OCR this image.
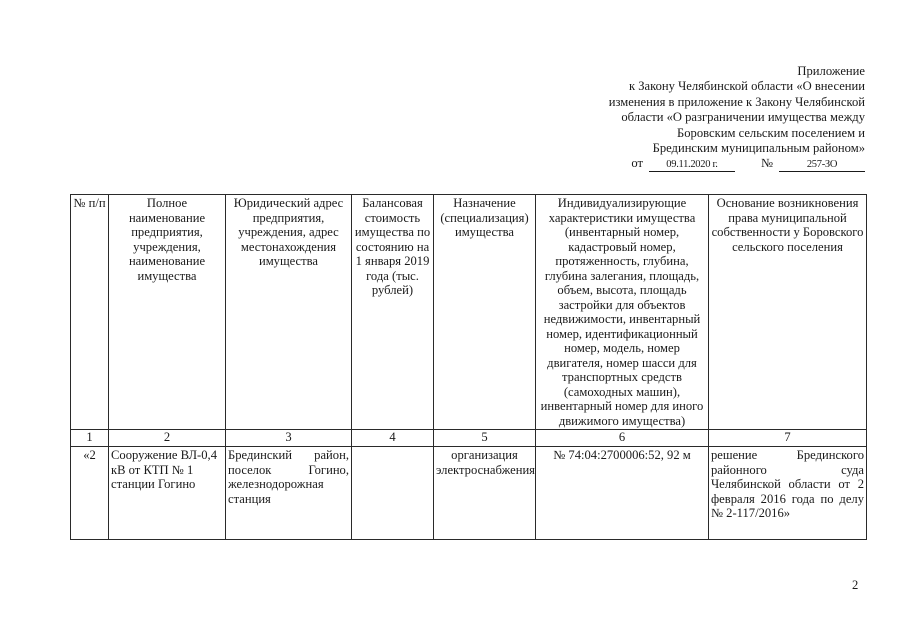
Приложение
к Закону Челябинской области «О внесении
изменения в приложение к Закону Челябинской
области «О разграничении имущества между
Боровским сельским поселением и
Брединским муниципальным районом»
от	09.11.2020 г.	№	257-ЗО
№ п/п	Полное наименование предприятия, учреждения, наименование имущества	Юридический адрес предприятия, учреждения, адрес местонахождения имущества	Балансовая стоимость имущества по состоянию на 1 января 2019 года (тыс. рублей)	Назначение (специализация) имущества	Индивидуализирующие характеристики имущества (инвентарный номер, кадастровый номер, протяженность, глубина, глубина залегания, площадь, объем, высота, площадь застройки для объектов недвижимости, инвентарный номер, идентификационный номер, модель, номер двигателя, номер шасси для транспортных средств (самоходных машин), инвентарный номер для иного движимого имущества)	Основание возникновения права муниципальной собственности у Боровского сельского поселения
1	2	3	4	5	6	7
«2	Сооружение ВЛ-0,4 кВ от КТП № 1 станции Гогино	Брединский район, поселок Гогино, железнодорожная станция		организация электроснабжения	№ 74:04:2700006:52, 92 м	решение Брединского районного суда Челябинской области от 2 февраля 2016 года по делу № 2-117/2016»
2
